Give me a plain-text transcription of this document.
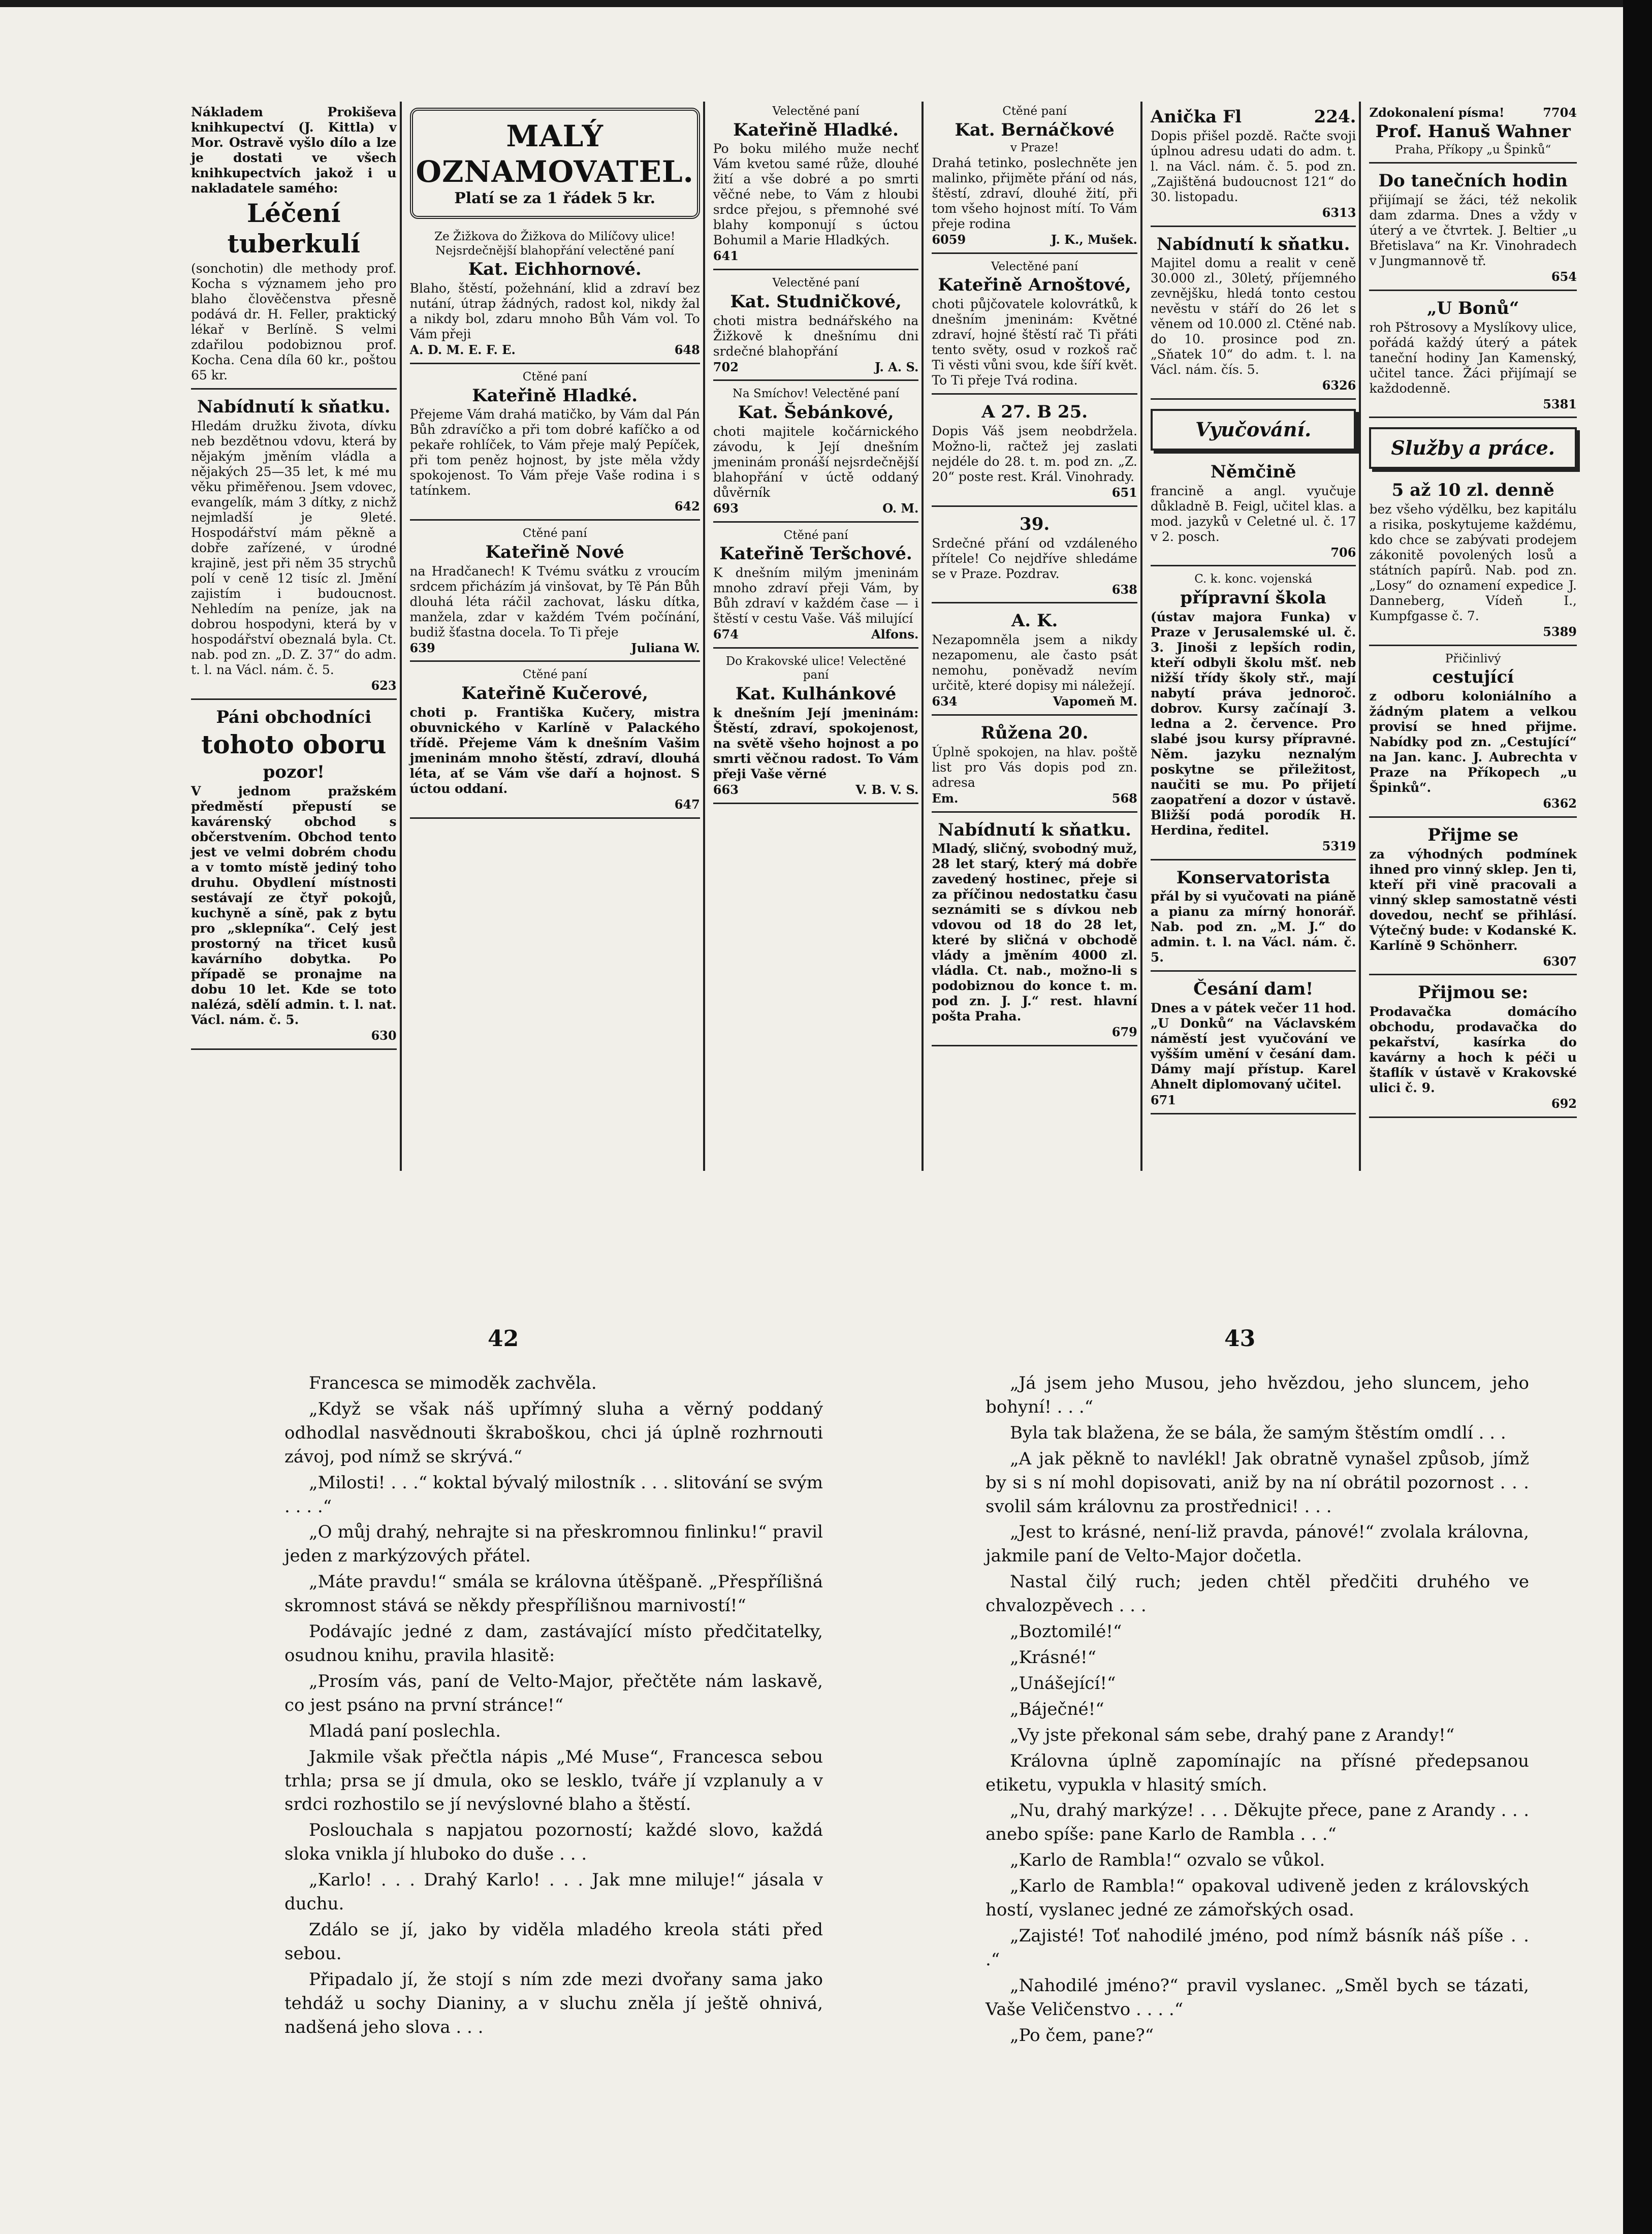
Nákladem Prokiševa knihkupectví (J. Kittla) v Mor. Ostravě vyšlo dílo a lze je dostati ve všech knihkupectvích jakož i u nakladatele samého:

Léčení tuberkulí

(sonchotin) dle methody prof. Kocha s významem jeho pro blaho člověčenstva přesně podává dr. H. Feller, praktický lékař v Berlíně. S velmi zdařilou podobiznou prof. Kocha. Cena díla 60 kr., poštou 65 kr.

Nabídnutí k sňatku.

Hledám družku života, dívku neb bezdětnou vdovu, která by nějakým jměním vládla a nějakých 25—35 let, k mé mu věku přiměřenou. Jsem vdovec, evangelík, mám 3 dítky, z nichž nejmladší je 9leté. Hospodářství mám pěkně a dobře zařízené, v úrodné krajině, jest při něm 35 strychů polí v ceně 12 tisíc zl. Jmění zajistím i budoucnost. Nehledím na peníze, jak na dobrou hospodyni, která by v hospodářství obeznalá byla. Ct. nab. pod zn. „D. Z. 37“ do adm. t. l. na Václ. nám. č. 5.

623
Páni obchodníci
tohoto oboru
pozor!

V jednom pražském předměstí přepustí se kavárenský obchod s občerstvením. Obchod tento jest ve velmi dobrém chodu a v tomto místě jediný toho druhu. Obydlení místnosti sestávají ze čtyř pokojů, kuchyně a síně, pak z bytu pro „sklepníka“. Celý jest prostorný na třicet kusů kavárního dobytka. Po případě se pronajme na dobu 10 let. Kde se toto nalézá, sdělí admin. t. l. nat. Václ. nám. č. 5.

630
MALÝ OZNAMOVATEL.
Platí se za 1 řádek 5 kr.
Ze Žižkova do Žižkova do Milíčovy ulice! Nejsrdečnější blahopřání velectěné paní
Kat. Eichhornové.

Blaho, štěstí, požehnání, klid a zdraví bez nutání, útrap žádných, radost kol, nikdy žal a nikdy bol, zdaru mnoho Bůh Vám vol. To Vám přeji

A. D. M. E. F. E.	648
Ctěné paní
Kateřině Hladké.

Přejeme Vám drahá matičko, by Vám dal Pán Bůh zdravíčko a při tom dobré kafíčko a od pekaře rohlíček, to Vám přeje malý Pepíček, při tom peněz hojnost, by jste měla vždy spokojenost. To Vám přeje Vaše rodina i s tatínkem.

642
Ctěné paní
Kateřině Nové

na Hradčanech! K Tvému svátku z vroucím srdcem přicházím já vinšovat, by Tě Pán Bůh dlouhá léta ráčil zachovat, lásku dítka, manžela, zdar v každém Tvém počínání, budiž šťastna docela. To Ti přeje

639	Juliana W.
Ctěné paní
Kateřině Kučerové,

choti p. Františka Kučery, mistra obuvnického v Karlíně v Palackého třídě. Přejeme Vám k dnešním Vašim jmeninám mnoho štěstí, zdraví, dlouhá léta, ať se Vám vše daří a hojnost. S úctou oddaní.

647
Velectěné paní
Kateřině Hladké.

Po boku milého muže nechť Vám kvetou samé růže, dlouhé žití a vše dobré a po smrti věčné nebe, to Vám z hloubi srdce přejou, s přemnohé své blahy komponují s úctou Bohumil a Marie Hladkých.

641
Velectěné paní
Kat. Studničkové,

choti mistra bednářského na Žižkově k dnešnímu dni srdečné blahopřání

702	J. A. S.
Na Smíchov! Velectěné paní
Kat. Šebánkové,

choti majitele kočárnického závodu, k Její dnešním jmeninám pronáší nejsrdečnější blahopřání v úctě oddaný důvěrník

693	O. M.
Ctěné paní
Kateřině Teršchové.

K dnešním milým jmeninám mnoho zdraví přeji Vám, by Bůh zdraví v každém čase — i štěstí v cestu Vaše. Váš milující

674	Alfons.
Do Krakovské ulice! Velectěné paní
Kat. Kulhánkové

k dnešním Její jmeninám: Štěstí, zdraví, spokojenost, na světě všeho hojnost a po smrti věčnou radost. To Vám přeji Vaše věrné

663	V. B. V. S.
Ctěné paní
Kat. Bernáčkové
v Praze!

Drahá tetinko, poslechněte jen malinko, přijměte přání od nás, štěstí, zdraví, dlouhé žití, při tom všeho hojnost mítí. To Vám přeje rodina

6059	J. K., Mušek.
Velectěné paní
Kateřině Arnoštové,

choti půjčovatele kolovrátků, k dnešním jmeninám: Květné zdraví, hojné štěstí rač Ti přáti tento světy, osud v rozkoš rač Ti věsti vůni svou, kde šíří květ. To Ti přeje Tvá rodina.

A 27. B 25.

Dopis Váš jsem neobdržela. Možno-li, račtež jej zaslati nejdéle do 28. t. m. pod zn. „Z. 20“ poste rest. Král. Vinohrady.

651
39.

Srdečné přání od vzdáleného přítele! Co nejdříve shledáme se v Praze. Pozdrav.

638
A. K.

Nezapomněla jsem a nikdy nezapomenu, ale často psát nemohu, poněvadž nevím určitě, které dopisy mi náležejí.

634	Vapomeň M.
Růžena 20.

Úplně spokojen, na hlav. poště list pro Vás dopis pod zn. adresa

Em.	568
Nabídnutí k sňatku.

Mladý, sličný, svobodný muž, 28 let starý, který má dobře zavedený hostinec, přeje si za příčinou nedostatku času seznámiti se s dívkou neb vdovou od 18 do 28 let, které by sličná v obchodě vlády a jměním 4000 zl. vládla. Ct. nab., možno-li s podobiznou do konce t. m. pod zn. J. J.“ rest. hlavní pošta Praha.

679
Anička Fl	224.

Dopis přišel pozdě. Račte svoji úplnou adresu udati do adm. t. l. na Václ. nám. č. 5. pod zn. „Zajištěná budoucnost 121“ do 30. listopadu.

6313
Nabídnutí k sňatku.

Majitel domu a realit v ceně 30.000 zl., 30letý, příjemného zevnějšku, hledá tonto cestou nevěstu v stáří do 26 let s věnem od 10.000 zl. Ctěné nab. do 10. prosince pod zn. „Sňatek 10“ do adm. t. l. na Václ. nám. čís. 5.

6326
Vyučování.
Němčině

francině a angl. vyučuje důkladně B. Feigl, učitel klas. a mod. jazyků v Celetné ul. č. 17 v 2. posch.

706
C. k. konc. vojenská
přípravní škola

(ústav majora Funka) v Praze v Jerusalemské ul. č. 3. Jinoši z lepších rodin, kteří odbyli školu mšť. neb nižší třídy školy stř., mají nabytí práva jednoroč. dobrov. Kursy začínají 3. ledna a 2. července. Pro slabé jsou kursy přípravné. Něm. jazyku neznalým poskytne se přiležitost, naučiti se mu. Po přijetí zaopatření a dozor v ústavě. Bližší podá porodík H. Herdina, ředitel.

5319
Konservatorista

přál by si vyučovati na piáně a pianu za mírný honorář. Nab. pod zn. „M. J.“ do admin. t. l. na Václ. nám. č. 5.

Česání dam!

Dnes a v pátek večer 11 hod. „U Donků“ na Václavském náměstí jest vyučování ve vyšším umění v česání dam. Dámy mají přístup. Karel Ahnelt diplomovaný učitel.

671
Zdokonalení písma!	7704
Prof. Hanuš Wahner
Praha, Příkopy „u Špinků“
Do tanečních hodin

přijímají se žáci, též nekolik dam zdarma. Dnes a vždy v úterý a ve čtvrtek. J. Beltier „u Břetislava“ na Kr. Vinohradech v Jungmannově tř.

654
„U Bonů“

roh Pštrosovy a Myslíkovy ulice, pořádá každý úterý a pátek taneční hodiny Jan Kamenský, učitel tance. Žáci přijímají se každodenně.

5381
Služby a práce.
5 až 10 zl. denně

bez všeho výdělku, bez kapitálu a risika, poskytujeme každému, kdo chce se zabývati prodejem zákonitě povolených losů a státních papírů. Nab. pod zn. „Losy“ do oznamení expedice J. Danneberg, Vídeň I., Kumpfgasse č. 7.

5389
Přičinlivý
cestující

z odboru koloniálního a žádným platem a velkou provisí se hned přijme. Nabídky pod zn. „Cestující“ na Jan. kanc. J. Aubrechta v Praze na Příkopech „u Špinků“.

6362
Přijme se

za výhodných podmínek ihned pro vinný sklep. Jen ti, kteří při vině pracovali a vinný sklep samostatně vésti dovedou, nechť se přihlásí. Výtečný bude: v Kodanské K. Karlíně 9 Schönherr.

6307
Přijmou se:

Prodavačka domácího obchodu, prodavačka do pekařství, kasírka do kavárny a hoch k péči u štaflík v ústavě v Krakovské ulici č. 9.

692
42	43

Francesca se mimoděk zachvěla.

„Když se však náš upřímný sluha a věrný poddaný odhodlal nasvědnouti škraboškou, chci já úplně rozhrnouti závoj, pod nímž se skrývá.“

„Milosti! . . .“ koktal bývalý milostník . . . slitování se svým . . . .“

„O můj drahý, nehrajte si na přeskromnou finlinku!“ pravil jeden z markýzových přátel.

„Máte pravdu!“ smála se královna útěšpaně. „Přespřílišná skromnost stává se někdy přespřílišnou marnivostí!“

Podávajíc jedné z dam, zastávající místo předčitatelky, osudnou knihu, pravila hlasitě:

„Prosím vás, paní de Velto-Major, přečtěte nám laskavě, co jest psáno na první stránce!“

Mladá paní poslechla.

Jakmile však přečtla nápis „Mé Muse“, Francesca sebou trhla; prsa se jí dmula, oko se lesklo, tváře jí vzplanuly a v srdci rozhostilo se jí nevýslovné blaho a štěstí.

Poslouchala s napjatou pozorností; každé slovo, každá sloka vnikla jí hluboko do duše . . .

„Karlo! . . . Drahý Karlo! . . . Jak mne miluje!“ jásala v duchu.

Zdálo se jí, jako by viděla mladého kreola státi před sebou.

Připadalo jí, že stojí s ním zde mezi dvořany sama jako tehdáž u sochy Dianiny, a v sluchu zněla jí ještě ohnivá, nadšená jeho slova . . .

„Já jsem jeho Musou, jeho hvězdou, jeho sluncem, jeho bohyní! . . .“

Byla tak blažena, že se bála, že samým štěstím omdlí . . .

„A jak pěkně to navlékl! Jak obratně vynašel způsob, jímž by si s ní mohl dopisovati, aniž by na ní obrátil pozornost . . . svolil sám královnu za prostřednici! . . .

„Jest to krásné, není-liž pravda, pánové!“ zvolala královna, jakmile paní de Velto-Major dočetla.

Nastal čilý ruch; jeden chtěl předčiti druhého ve chvalozpěvech . . .

„Boztomilé!“

„Krásné!“

„Unášející!“

„Báječné!“

„Vy jste překonal sám sebe, drahý pane z Arandy!“

Královna úplně zapomínajíc na přísné předepsanou etiketu, vypukla v hlasitý smích.

„Nu, drahý markýze! . . . Děkujte přece, pane z Arandy . . . anebo spíše: pane Karlo de Rambla . . .“

„Karlo de Rambla!“ ozvalo se vůkol.

„Karlo de Rambla!“ opakoval udiveně jeden z královských hostí, vyslanec jedné ze zámořských osad.

„Zajisté! Toť nahodilé jméno, pod nímž básník náš píše . . .“

„Nahodilé jméno?“ pravil vyslanec. „Směl bych se tázati, Vaše Veličenstvo . . . .“

„Po čem, pane?“
